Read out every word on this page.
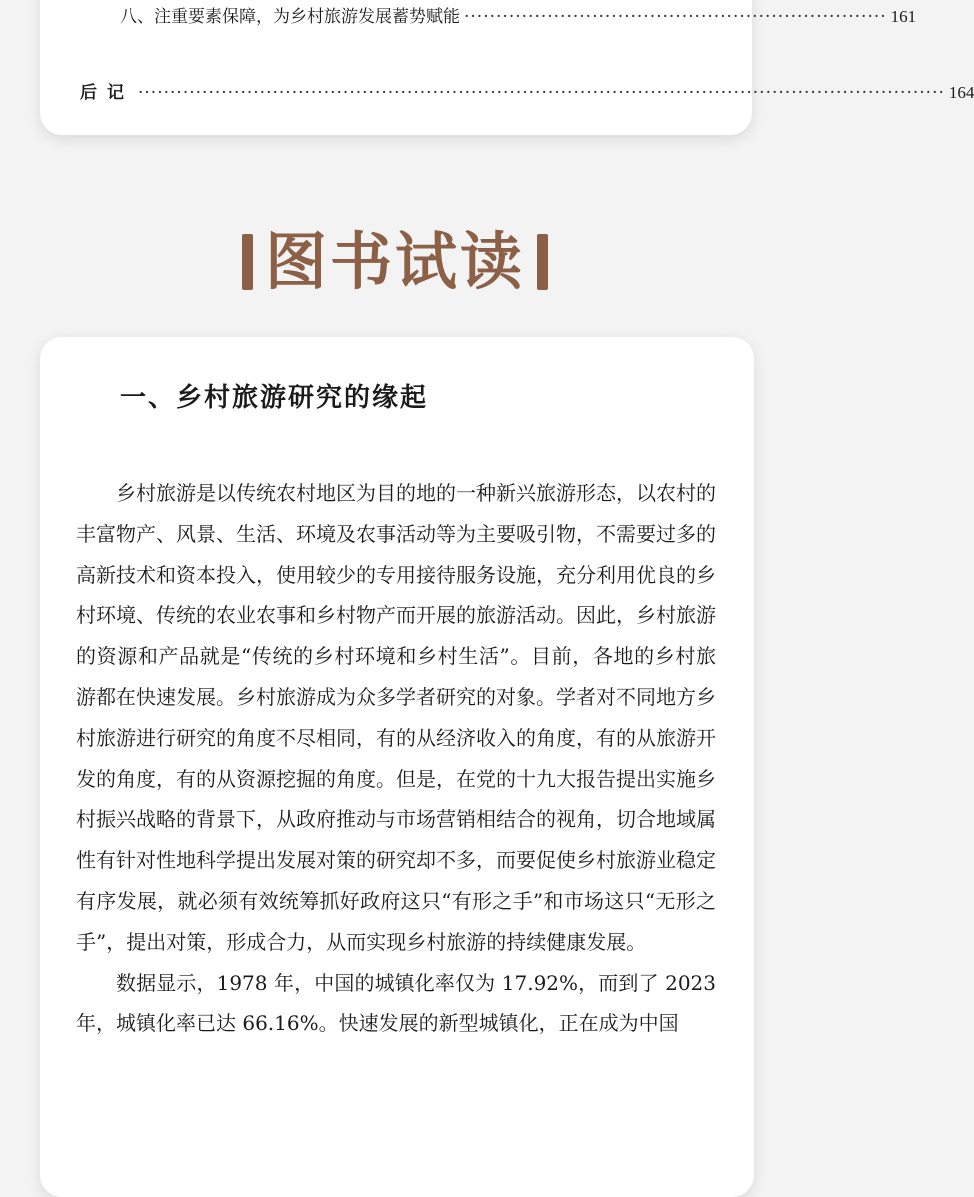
八、注重要素保障，为乡村旅游发展蓄势赋能 ·································································· 161
后记 ······························································································································ 164
图书试读
一、乡村旅游研究的缘起

乡村旅游是以传统农村地区为目的地的一种新兴旅游形态，以农村的丰富物产、风景、生活、环境及农事活动等为主要吸引物，不需要过多的高新技术和资本投入，使用较少的专用接待服务设施，充分利用优良的乡村环境、传统的农业农事和乡村物产而开展的旅游活动。因此，乡村旅游的资源和产品就是“传统的乡村环境和乡村生活”。目前，各地的乡村旅游都在快速发展。乡村旅游成为众多学者研究的对象。学者对不同地方乡村旅游进行研究的角度不尽相同，有的从经济收入的角度，有的从旅游开发的角度，有的从资源挖掘的角度。但是，在党的十九大报告提出实施乡村振兴战略的背景下，从政府推动与市场营销相结合的视角，切合地域属性有针对性地科学提出发展对策的研究却不多，而要促使乡村旅游业稳定有序发展，就必须有效统筹抓好政府这只“有形之手”和市场这只“无形之手”，提出对策，形成合力，从而实现乡村旅游的持续健康发展。

数据显示，1978 年，中国的城镇化率仅为 17.92%，而到了 2023 年，城镇化率已达 66.16%。快速发展的新型城镇化，正在成为中国
